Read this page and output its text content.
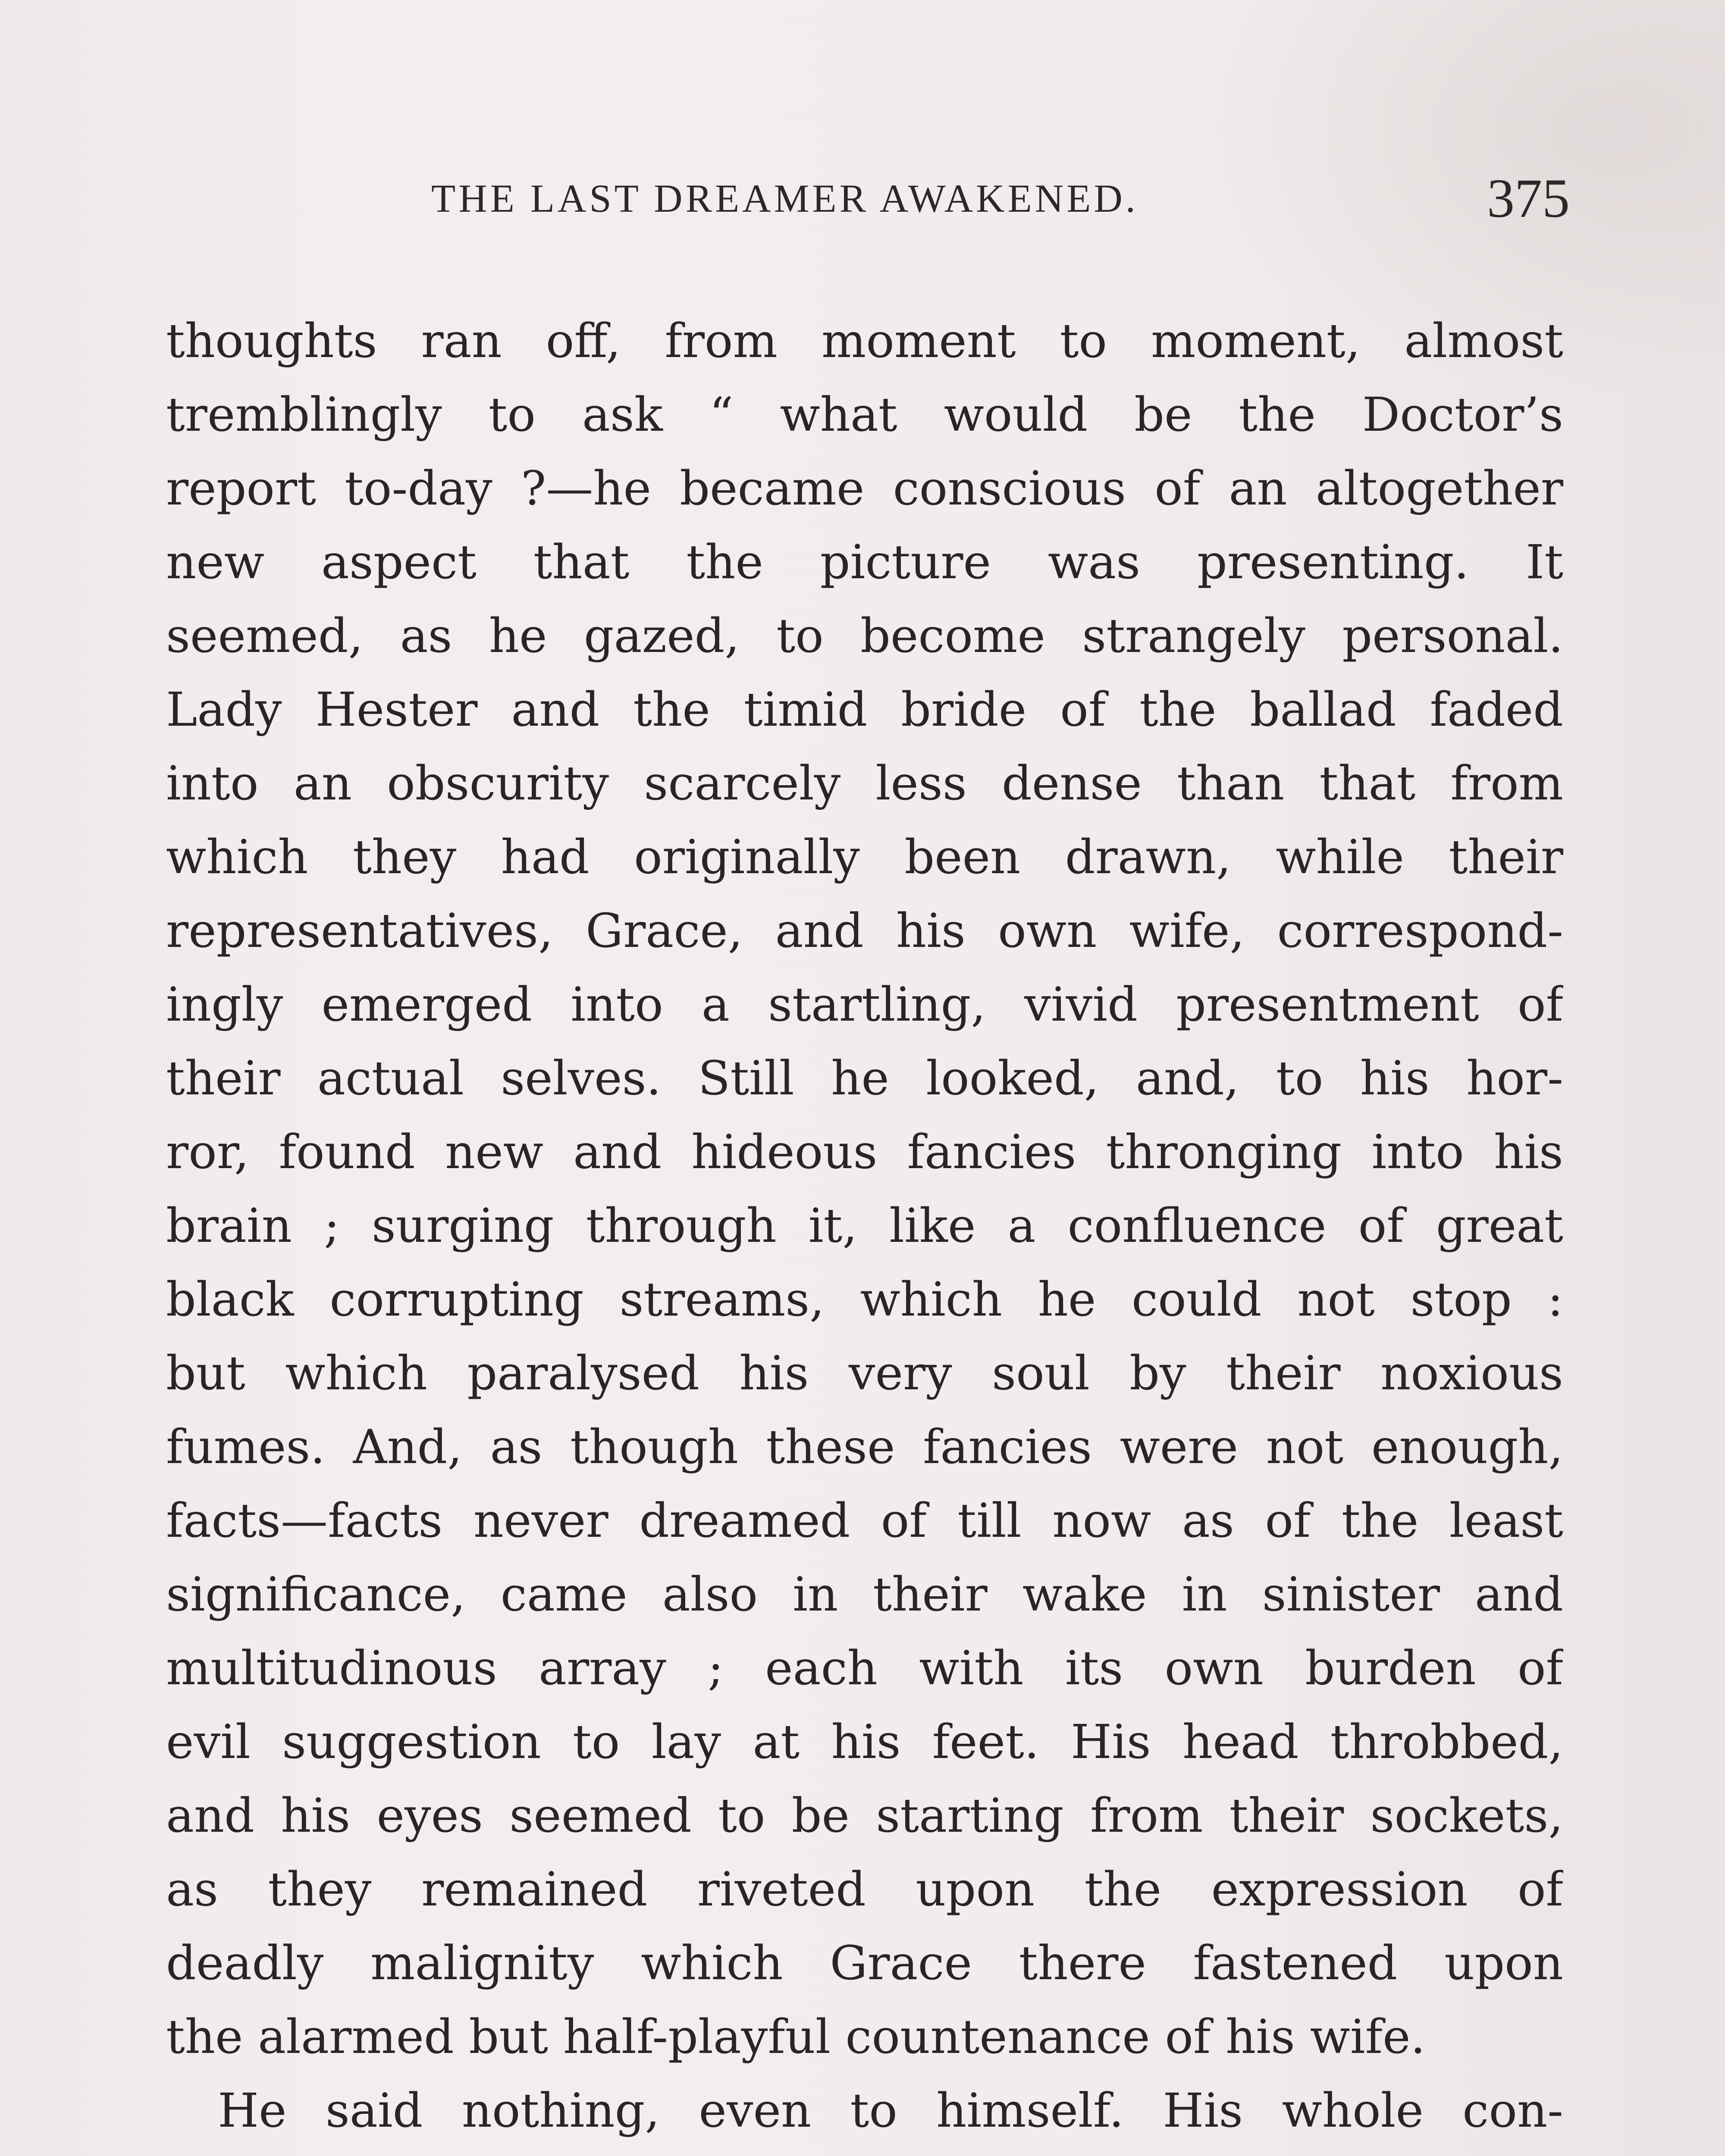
THE LAST DREAMER AWAKENED.	375
thoughts ran off, from moment to moment, almost
tremblingly to ask “ what would be the Doctor’s
report to-day ?—he became conscious of an altogether
new aspect that the picture was presenting. It
seemed, as he gazed, to become strangely personal.
Lady Hester and the timid bride of the ballad faded
into an obscurity scarcely less dense than that from
which they had originally been drawn, while their
representatives, Grace, and his own wife, correspond-
ingly emerged into a startling, vivid presentment of
their actual selves. Still he looked, and, to his hor-
ror, found new and hideous fancies thronging into his
brain ; surging through it, like a confluence of great
black corrupting streams, which he could not stop :
but which paralysed his very soul by their noxious
fumes. And, as though these fancies were not enough,
facts—facts never dreamed of till now as of the least
significance, came also in their wake in sinister and
multitudinous array ; each with its own burden of
evil suggestion to lay at his feet. His head throbbed,
and his eyes seemed to be starting from their sockets,
as they remained riveted upon the expression of
deadly malignity which Grace there fastened upon
the alarmed but half-playful countenance of his wife.
He said nothing, even to himself. His whole con-
